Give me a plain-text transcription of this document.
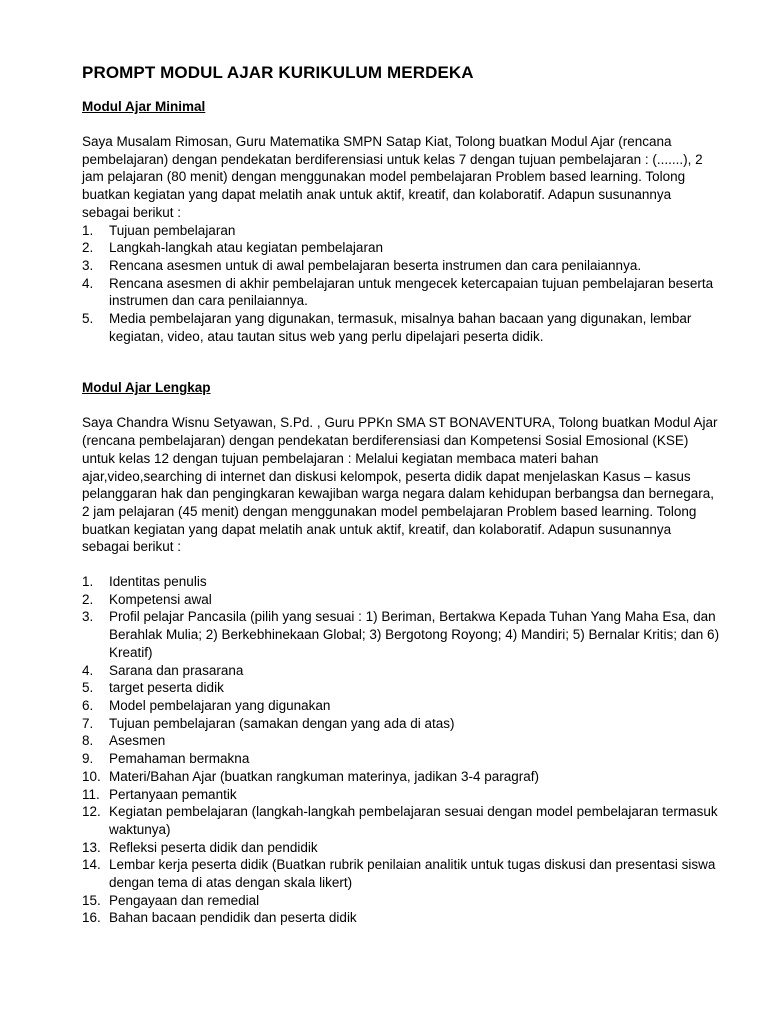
PROMPT MODUL AJAR KURIKULUM MERDEKA
Modul Ajar Minimal

Saya Musalam Rimosan, Guru Matematika SMPN Satap Kiat, Tolong buatkan Modul Ajar (rencana pembelajaran) dengan pendekatan berdiferensiasi untuk kelas 7 dengan tujuan pembelajaran : (.......), 2 jam pelajaran (80 menit) dengan menggunakan model pembelajaran Problem based learning. Tolong buatkan kegiatan yang dapat melatih anak untuk aktif, kreatif, dan kolaboratif. Adapun susunannya sebagai berikut :

1. Tujuan pembelajaran
2. Langkah-langkah atau kegiatan pembelajaran
3. Rencana asesmen untuk di awal pembelajaran beserta instrumen dan cara penilaiannya.
4. Rencana asesmen di akhir pembelajaran untuk mengecek ketercapaian tujuan pembelajaran beserta instrumen dan cara penilaiannya.
5. Media pembelajaran yang digunakan, termasuk, misalnya bahan bacaan yang digunakan, lembar kegiatan, video, atau tautan situs web yang perlu dipelajari peserta didik.
Modul Ajar Lengkap

Saya Chandra Wisnu Setyawan, S.Pd. , Guru PPKn SMA ST BONAVENTURA, Tolong buatkan Modul Ajar (rencana pembelajaran) dengan pendekatan berdiferensiasi dan Kompetensi Sosial Emosional (KSE) untuk kelas 12 dengan tujuan pembelajaran : Melalui kegiatan membaca materi bahan ajar,video,searching di internet dan diskusi kelompok, peserta didik dapat menjelaskan Kasus – kasus pelanggaran hak dan pengingkaran kewajiban warga negara dalam kehidupan berbangsa dan bernegara, 2 jam pelajaran (45 menit) dengan menggunakan model pembelajaran Problem based learning. Tolong buatkan kegiatan yang dapat melatih anak untuk aktif, kreatif, dan kolaboratif. Adapun susunannya sebagai berikut :

1. Identitas penulis
2. Kompetensi awal
3. Profil pelajar Pancasila (pilih yang sesuai : 1) Beriman, Bertakwa Kepada Tuhan Yang Maha Esa, dan Berahlak Mulia; 2) Berkebhinekaan Global; 3) Bergotong Royong; 4) Mandiri; 5) Bernalar Kritis; dan 6) Kreatif)
4. Sarana dan prasarana
5. target peserta didik
6. Model pembelajaran yang digunakan
7. Tujuan pembelajaran (samakan dengan yang ada di atas)
8. Asesmen
9. Pemahaman bermakna
10. Materi/Bahan Ajar (buatkan rangkuman materinya, jadikan 3-4 paragraf)
11. Pertanyaan pemantik
12. Kegiatan pembelajaran (langkah-langkah pembelajaran sesuai dengan model pembelajaran termasuk waktunya)
13. Refleksi peserta didik dan pendidik
14. Lembar kerja peserta didik (Buatkan rubrik penilaian analitik untuk tugas diskusi dan presentasi siswa dengan tema di atas dengan skala likert)
15. Pengayaan dan remedial
16. Bahan bacaan pendidik dan peserta didik
